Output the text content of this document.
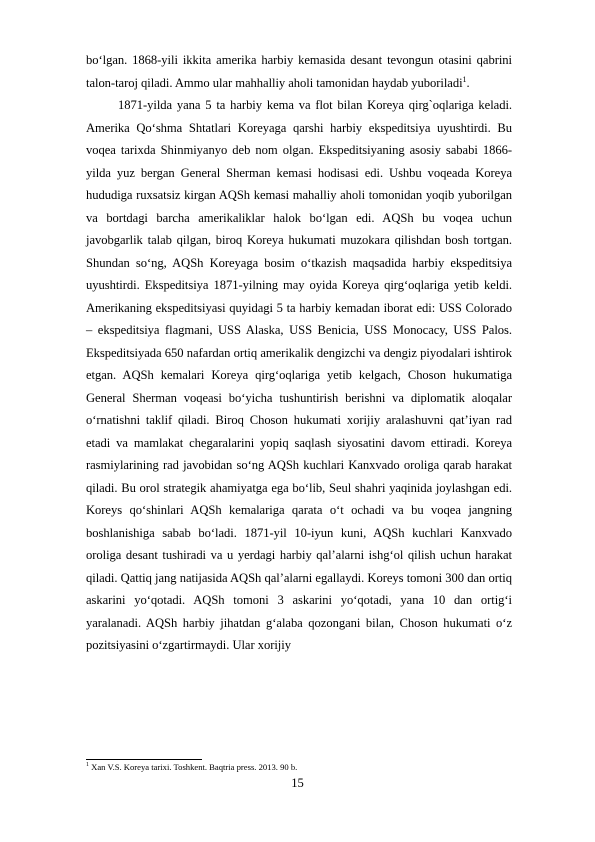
bo‘lgan. 1868-yili ikkita amerika harbiy kemasida desant tevongun otasini qabrini talon-taroj qiladi. Ammo ular mahhalliy aholi tamonidan haydab yuboriladi$^1$.

1871-yilda yana 5 ta harbiy kema va flot bilan Koreya qirg`oqlariga keladi. Amerika Qo‘shma Shtatlari Koreyaga qarshi harbiy ekspeditsiya uyushtirdi. Bu voqea tarixda Shinmiyanyo deb nom olgan. Ekspeditsiyaning asosiy sababi 1866-yilda yuz bergan General Sherman kemasi hodisasi edi. Ushbu voqeada Koreya hududiga ruxsatsiz kirgan AQSh kemasi mahalliy aholi tomonidan yoqib yuborilgan va bortdagi barcha amerikaliklar halok bo‘lgan edi. AQSh bu voqea uchun javobgarlik talab qilgan, biroq Koreya hukumati muzokara qilishdan bosh tortgan. Shundan so‘ng, AQSh Koreyaga bosim o‘tkazish maqsadida harbiy ekspeditsiya uyushtirdi. Ekspeditsiya 1871-yilning may oyida Koreya qirg‘oqlariga yetib keldi. Amerikaning ekspeditsiyasi quyidagi 5 ta harbiy kemadan iborat edi: USS Colorado – ekspeditsiya flagmani, USS Alaska, USS Benicia, USS Monocacy, USS Palos. Ekspeditsiyada 650 nafardan ortiq amerikalik dengizchi va dengiz piyodalari ishtirok etgan. AQSh kemalari Koreya qirg‘oqlariga yetib kelgach, Choson hukumatiga General Sherman voqeasi bo‘yicha tushuntirish berishni va diplomatik aloqalar o‘rnatishni taklif qiladi. Biroq Choson hukumati xorijiy aralashuvni qat’iyan rad etadi va mamlakat chegaralarini yopiq saqlash siyosatini davom ettiradi. Koreya rasmiylarining rad javobidan so‘ng AQSh kuchlari Kanxvado oroliga qarab harakat qiladi. Bu orol strategik ahamiyatga ega bo‘lib, Seul shahri yaqinida joylashgan edi. Koreys qo‘shinlari AQSh kemalariga qarata o‘t ochadi va bu voqea jangning boshlanishiga sabab bo‘ladi. 1871-yil 10-iyun kuni, AQSh kuchlari Kanxvado oroliga desant tushiradi va u yerdagi harbiy qal’alarni ishg‘ol qilish uchun harakat qiladi. Qattiq jang natijasida AQSh qal’alarni egallaydi. Koreys tomoni 300 dan ortiq askarini yo‘qotadi. AQSh tomoni 3 askarini yo‘qotadi, yana 10 dan ortig‘i yaralanadi. AQSh harbiy jihatdan g‘alaba qozongani bilan, Choson hukumati o‘z pozitsiyasini o‘zgartirmaydi. Ular xorijiy

$^1$ Xan V.S. Koreya tarixi. Toshkent. Baqtria press. 2013. 90 b.
15
